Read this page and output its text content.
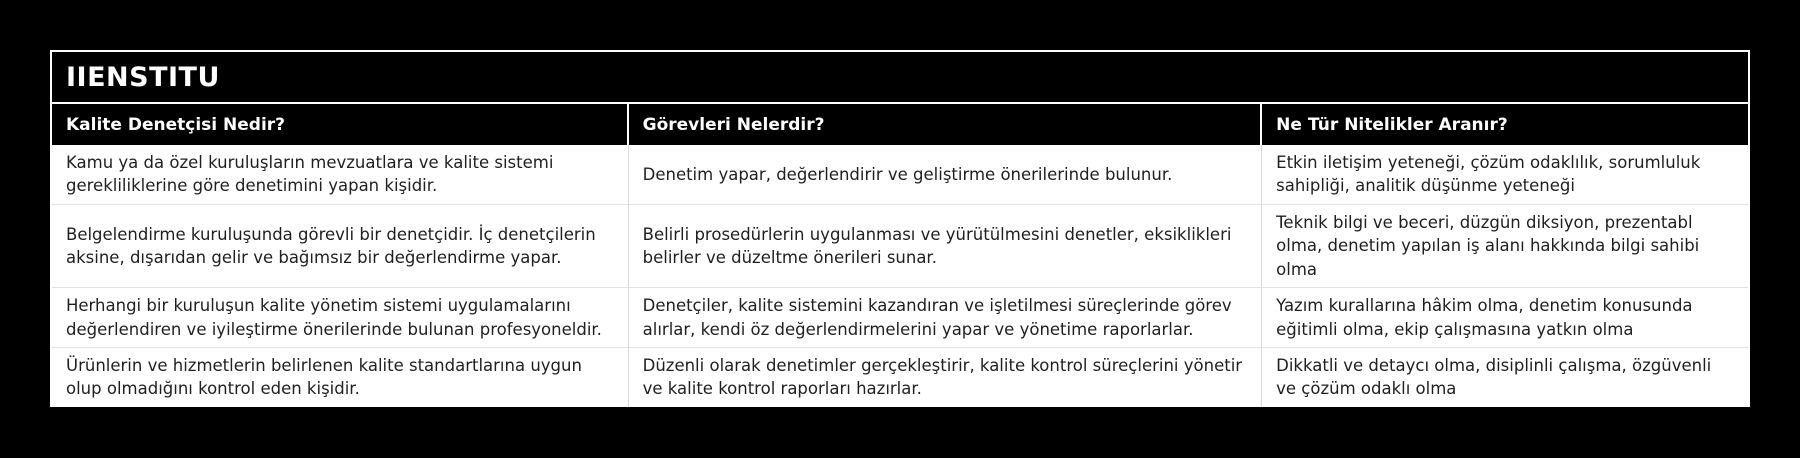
IIENSTITU
Kalite Denetçisi Nedir?	Görevleri Nelerdir?	Ne Tür Nitelikler Aranır?
Kamu ya da özel kuruluşların mevzuatlara ve kalite sistemi gerekliliklerine göre denetimini yapan kişidir.
Denetim yapar, değerlendirir ve geliştirme önerilerinde bulunur.
Etkin iletişim yeteneği, çözüm odaklılık, sorumluluk sahipliği, analitik düşünme yeteneği
Belgelendirme kuruluşunda görevli bir denetçidir. İç denetçilerin aksine, dışarıdan gelir ve bağımsız bir değerlendirme yapar.
Belirli prosedürlerin uygulanması ve yürütülmesini denetler, eksiklikleri belirler ve düzeltme önerileri sunar.
Teknik bilgi ve beceri, düzgün diksiyon, prezentabl olma, denetim yapılan iş alanı hakkında bilgi sahibi olma
Herhangi bir kuruluşun kalite yönetim sistemi uygulamalarını değerlendiren ve iyileştirme önerilerinde bulunan profesyoneldir.
Denetçiler, kalite sistemini kazandıran ve işletilmesi süreçlerinde görev alırlar, kendi öz değerlendirmelerini yapar ve yönetime raporlarlar.
Yazım kurallarına hâkim olma, denetim konusunda eğitimli olma, ekip çalışmasına yatkın olma
Ürünlerin ve hizmetlerin belirlenen kalite standartlarına uygun olup olmadığını kontrol eden kişidir.
Düzenli olarak denetimler gerçekleştirir, kalite kontrol süreçlerini yönetir ve kalite kontrol raporları hazırlar.
Dikkatli ve detaycı olma, disiplinli çalışma, özgüvenli ve çözüm odaklı olma
